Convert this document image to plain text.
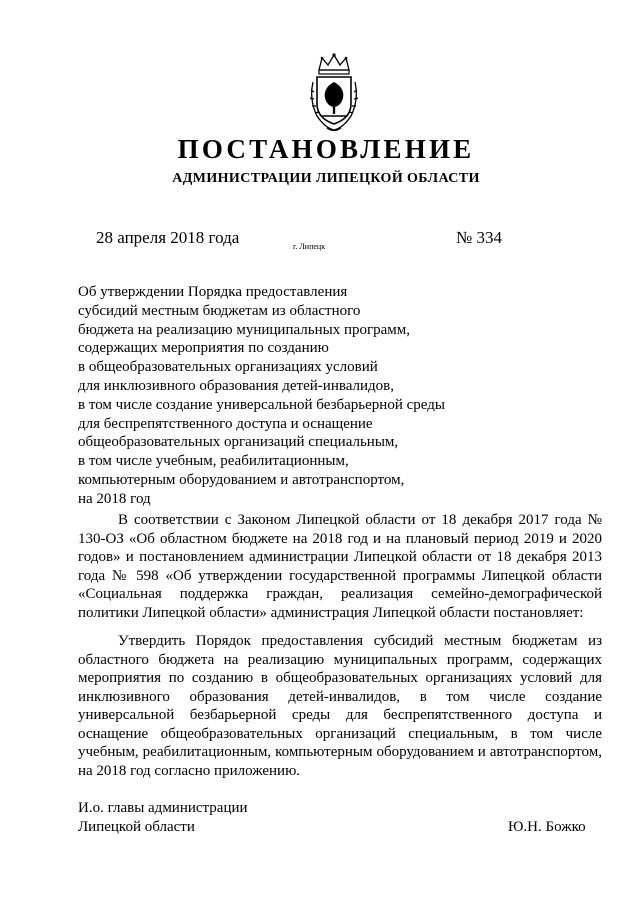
ПОСТАНОВЛЕНИЕ
АДМИНИСТРАЦИИ ЛИПЕЦКОЙ ОБЛАСТИ
28 апреля 2018 года	г. Липецк	№ 334
Об утверждении Порядка предоставления
субсидий местным бюджетам из областного
бюджета на реализацию муниципальных программ,
содержащих мероприятия по созданию
в общеобразовательных организациях условий
для инклюзивного образования детей-инвалидов,
в том числе создание универсальной безбарьерной среды
для беспрепятственного доступа и оснащение
общеобразовательных организаций специальным,
в том числе учебным, реабилитационным,
компьютерным оборудованием и автотранспортом,
на 2018 год
В соответствии с Законом Липецкой области от 18 декабря 2017 года № 130-ОЗ «Об областном бюджете на 2018 год и на плановый период 2019 и 2020 годов» и постановлением администрации Липецкой области от 18 декабря 2013 года № 598 «Об утверждении государственной программы Липецкой области «Социальная поддержка граждан, реализация семейно-демографической политики Липецкой области» администрация Липецкой области постановляет:
Утвердить Порядок предоставления субсидий местным бюджетам из областного бюджета на реализацию муниципальных программ, содержащих мероприятия по созданию в общеобразовательных организациях условий для инклюзивного образования детей-инвалидов, в том числе создание универсальной безбарьерной среды для беспрепятственного доступа и оснащение общеобразовательных организаций специальным, в том числе учебным, реабилитационным, компьютерным оборудованием и автотранспортом, на 2018 год согласно приложению.
И.о. главы администрации
Липецкой области	Ю.Н. Божко
